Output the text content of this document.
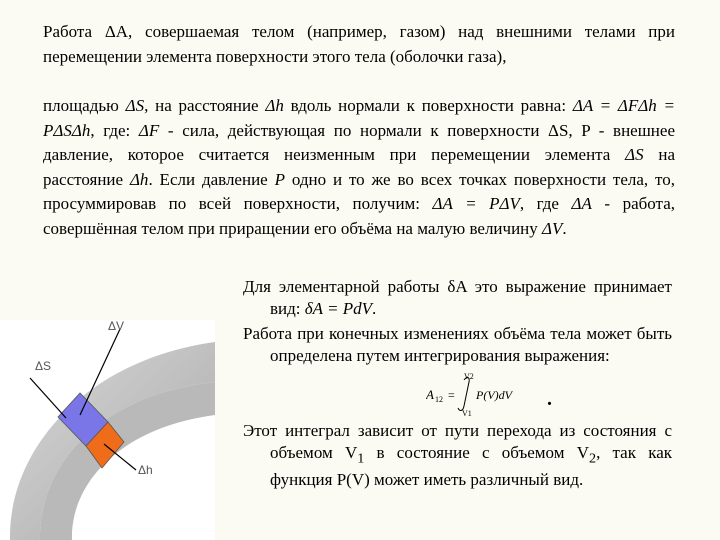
Работа ΔA, совершаемая телом (например, газом) над внешними телами при перемещении элемента поверхности этого тела (оболочки газа),

площадью ΔS, на расстояние Δh вдоль нормали к поверхности равна: ΔA = ΔFΔh = PΔSΔh, где: ΔF - сила, действующая по нормали к поверхности ΔS, P - внешнее давление, которое считается неизменным при перемещении элемента ΔS на расстояние Δh. Если давление P одно и то же во всех точках поверхности тела, то, просуммировав по всей поверхности, получим: ΔA = PΔV, где ΔA - работа, совершённая телом при приращении его объёма на малую величину ΔV.

Для элементарной работы δA это выражение принимает вид: δA = PdV.

Работа при конечных изменениях объёма тела может быть определена путем интегрирования выражения:

Этот интеграл зависит от пути перехода из состояния с объемом $V_1$ в состояние с объемом $V_2$, так как функция P(V) может иметь различный вид.

A 12 =
V2
V1
P(V)dV .
ΔV
ΔS
Δh
